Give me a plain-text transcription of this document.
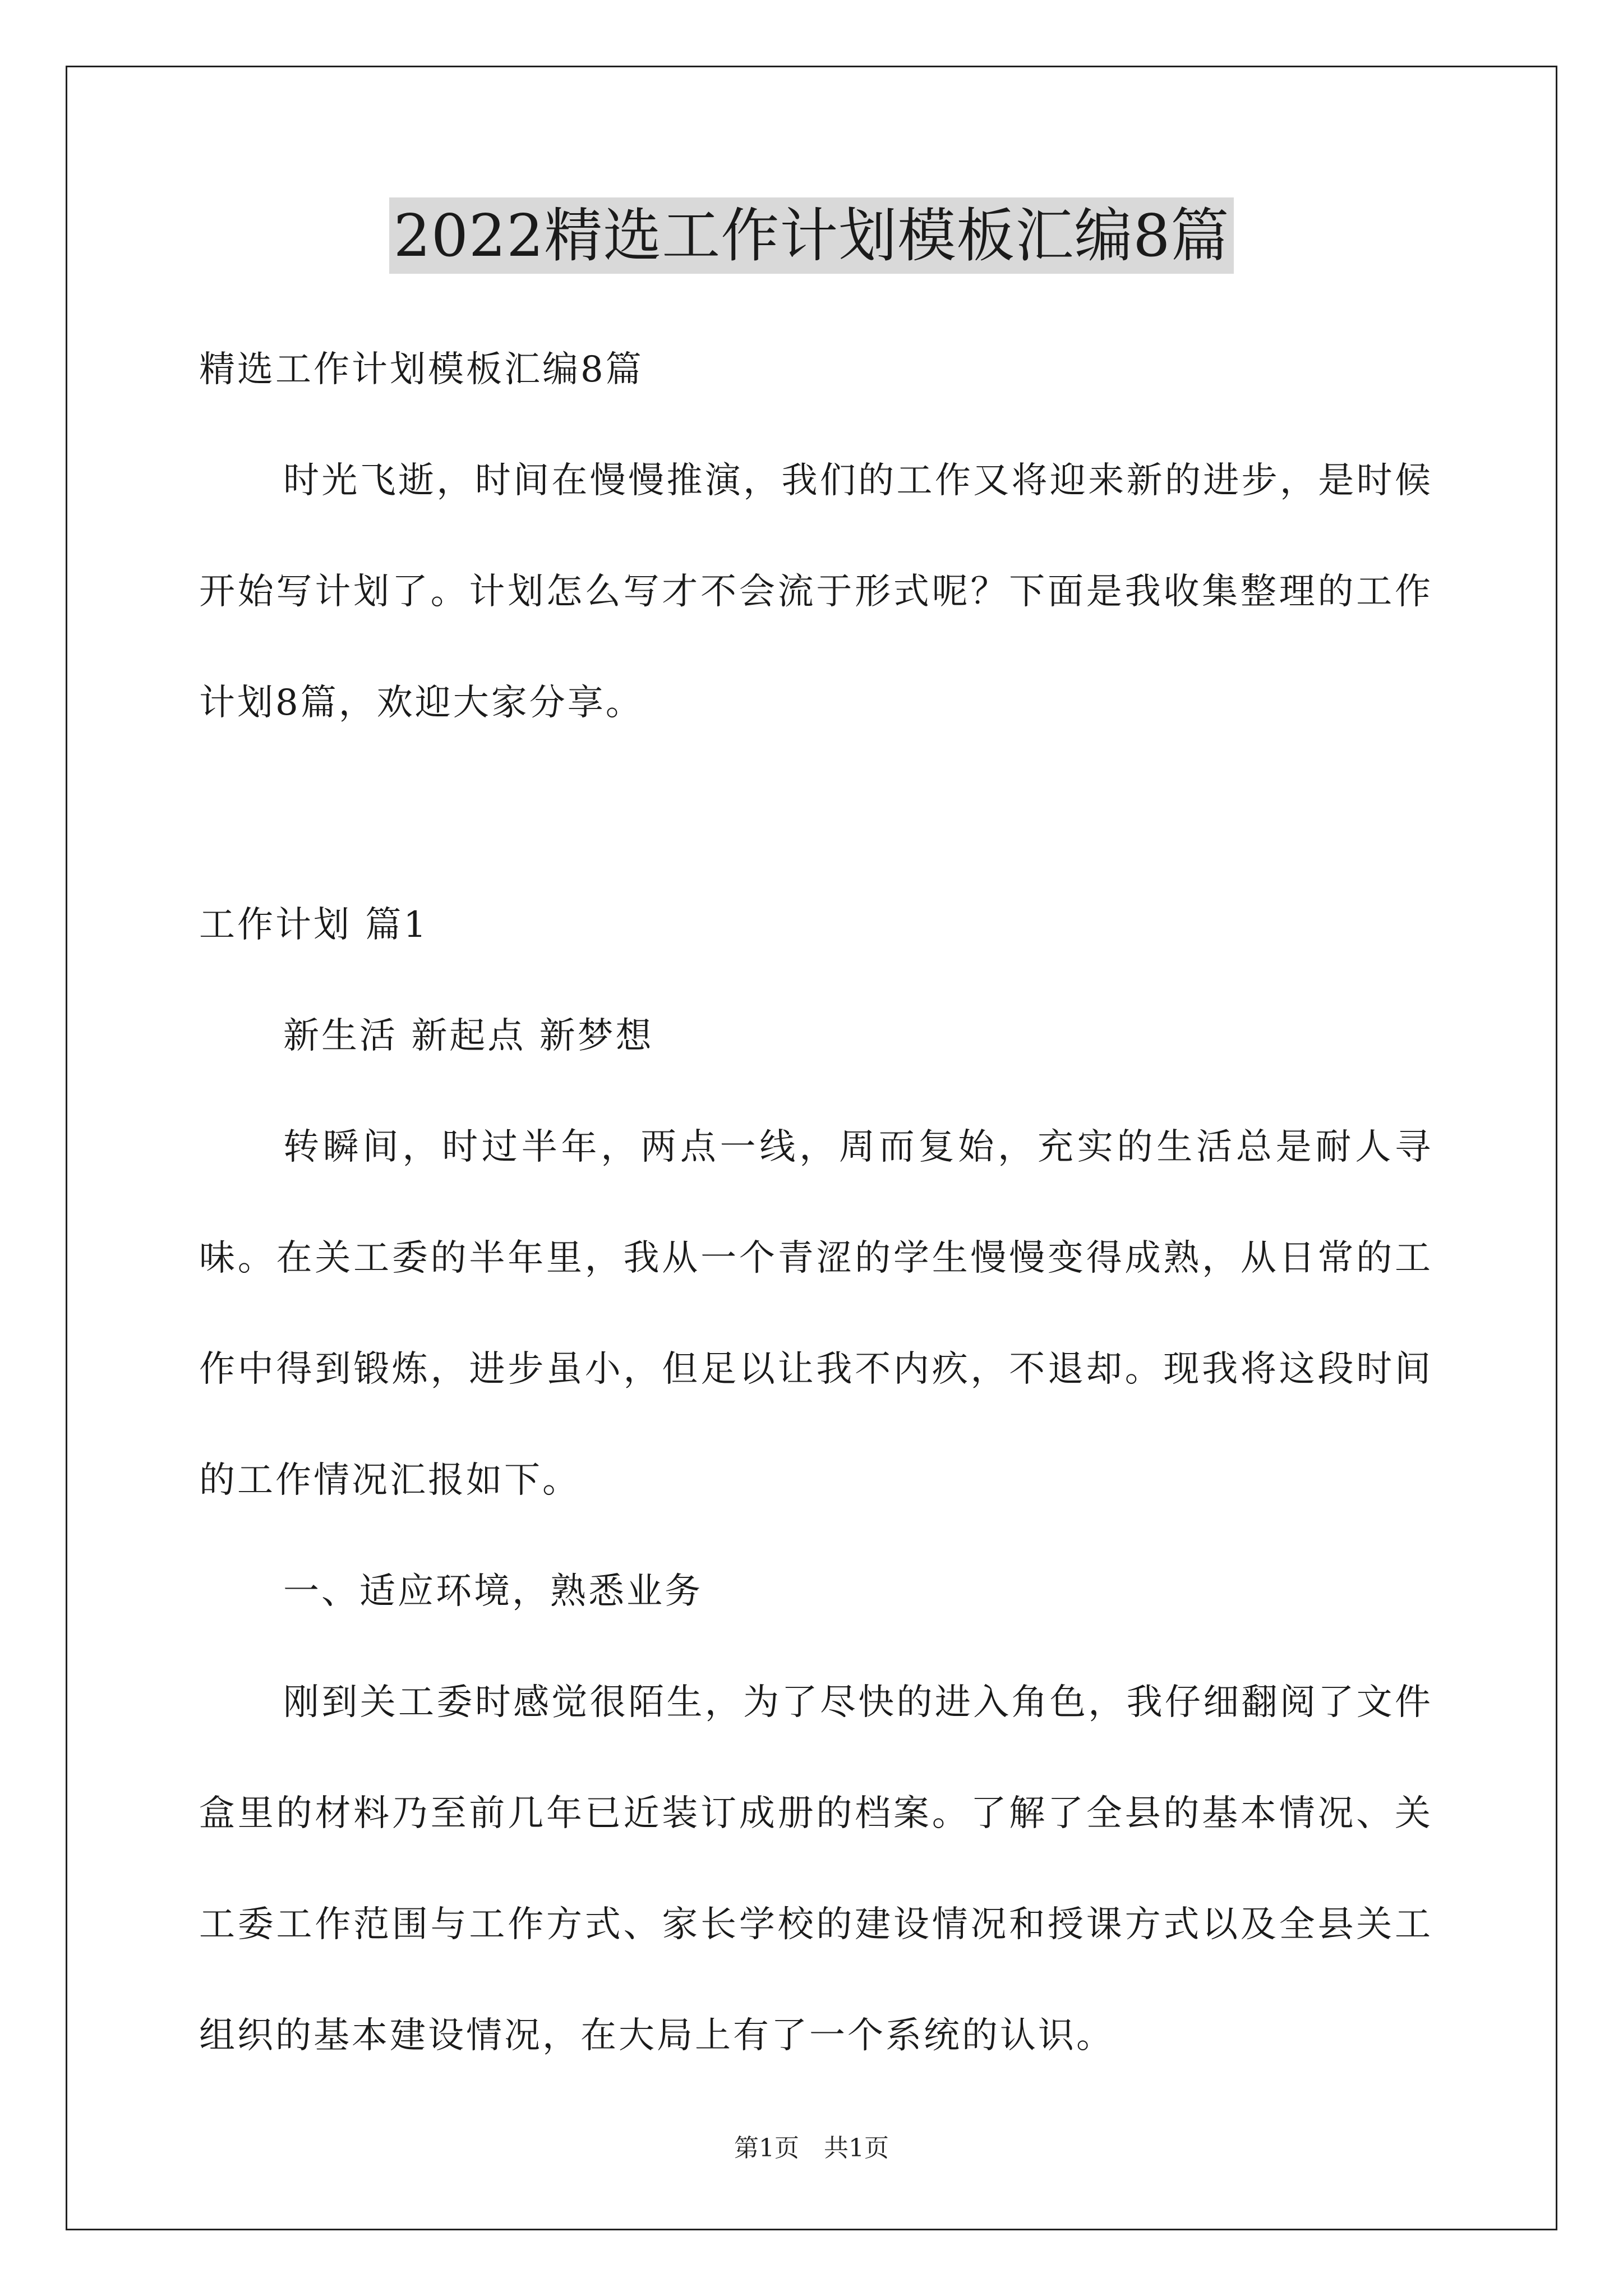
2022精选工作计划模板汇编8篇

精选工作计划模板汇编8篇

时光飞逝，时间在慢慢推演，我们的工作又将迎来新的进步，是时候开始写计划了。计划怎么写才不会流于形式呢？下面是我收集整理的工作计划8篇，欢迎大家分享。

工作计划 篇1

新生活 新起点 新梦想

转瞬间，时过半年，两点一线，周而复始，充实的生活总是耐人寻味。在关工委的半年里，我从一个青涩的学生慢慢变得成熟，从日常的工作中得到锻炼，进步虽小，但足以让我不内疚，不退却。现我将这段时间的工作情况汇报如下。

一、适应环境，熟悉业务

刚到关工委时感觉很陌生，为了尽快的进入角色，我仔细翻阅了文件盒里的材料乃至前几年已近装订成册的档案。了解了全县的基本情况、关工委工作范围与工作方式、家长学校的建设情况和授课方式以及全县关工组织的基本建设情况，在大局上有了一个系统的认识。

第1页　共1页
